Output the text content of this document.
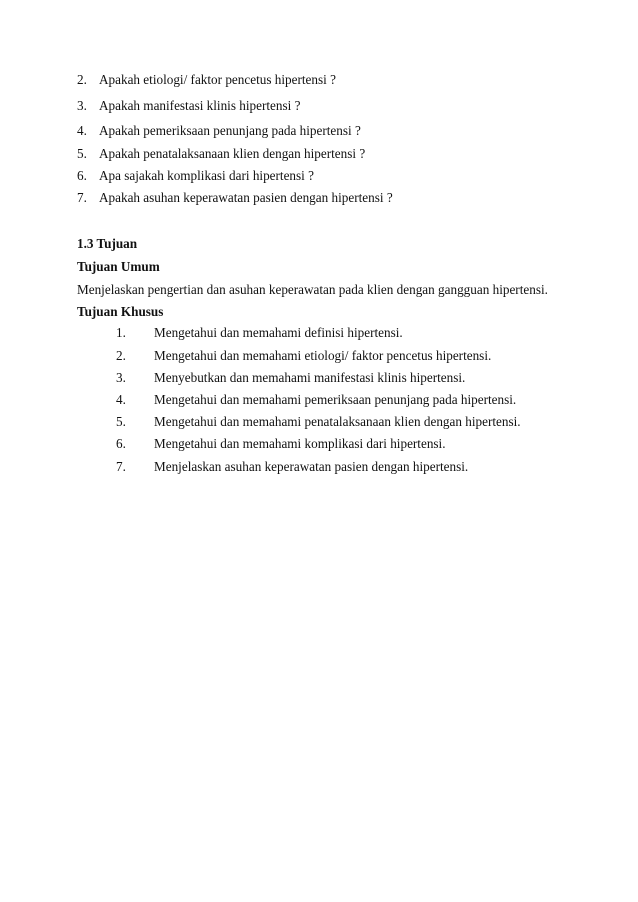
2. Apakah etiologi/ faktor pencetus hipertensi ?
3. Apakah manifestasi klinis hipertensi ?
4. Apakah pemeriksaan penunjang pada hipertensi ?
5. Apakah penatalaksanaan klien dengan hipertensi ?
6. Apa sajakah komplikasi dari hipertensi ?
7. Apakah asuhan keperawatan pasien dengan hipertensi ?
1.3 Tujuan
Tujuan Umum
Menjelaskan pengertian dan asuhan keperawatan pada klien dengan gangguan hipertensi.
Tujuan Khusus
1. Mengetahui dan memahami definisi hipertensi.
2. Mengetahui dan memahami etiologi/ faktor pencetus hipertensi.
3. Menyebutkan dan memahami manifestasi klinis hipertensi.
4. Mengetahui dan memahami pemeriksaan penunjang pada hipertensi.
5. Mengetahui dan memahami penatalaksanaan klien dengan hipertensi.
6. Mengetahui dan memahami komplikasi dari hipertensi.
7. Menjelaskan asuhan keperawatan pasien dengan hipertensi.
